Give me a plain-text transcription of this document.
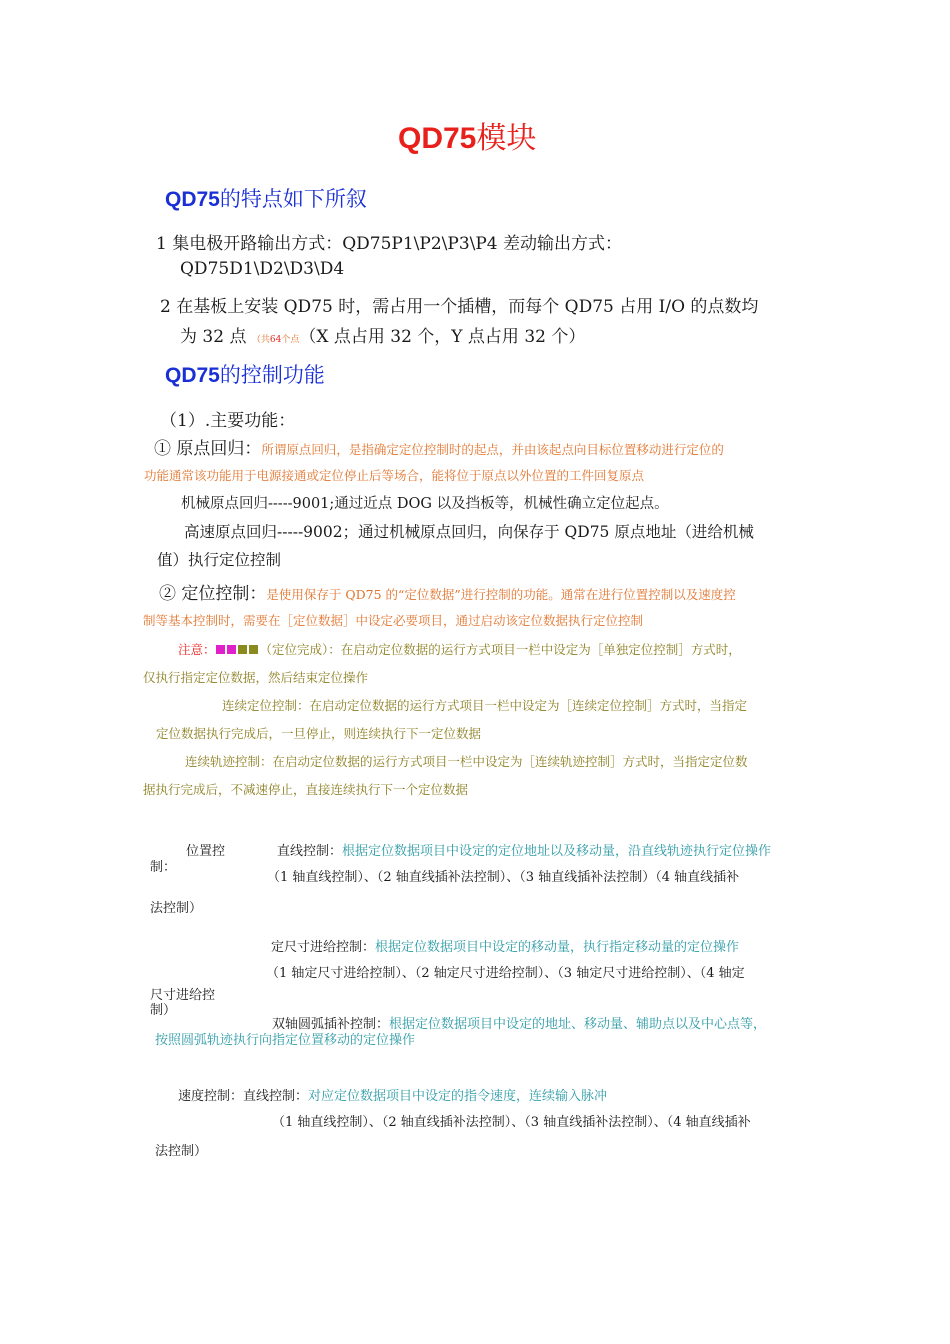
QD75模块
QD75的特点如下所叙
1 集电极开路输出方式：QD75P1\P2\P3\P4 差动输出方式：
QD75D1\D2\D3\D4
2 在基板上安装 QD75 时，需占用一个插槽，而每个 QD75 占用 I/O 的点数均
为 32 点 （共64个点（X 点占用 32 个，Y 点占用 32 个）
QD75的控制功能
（1）.主要功能：
① 原点回归：所谓原点回归，是指确定定位控制时的起点，并由该起点向目标位置移动进行定位的
功能通常该功能用于电源接通或定位停止后等场合，能将位于原点以外位置的工件回复原点
机械原点回归-----9001;通过近点 DOG 以及挡板等，机械性确立定位起点。
高速原点回归-----9002；通过机械原点回归，向保存于 QD75 原点地址（进给机械
值）执行定位控制
② 定位控制：是使用保存于 QD75 的“定位数据”进行控制的功能。通常在进行位置控制以及速度控
制等基本控制时，需要在［定位数据］中设定必要项目，通过启动该定位数据执行定位控制
注意：	（定位完成）：在启动定位数据的运行方式项目一栏中设定为［单独定位控制］方式时，
仅执行指定定位数据，然后结束定位操作
连续定位控制：在启动定位数据的运行方式项目一栏中设定为［连续定位控制］方式时，当指定
定位数据执行完成后，一旦停止，则连续执行下一定位数据
连续轨迹控制：在启动定位数据的运行方式项目一栏中设定为［连续轨迹控制］方式时，当指定定位数
据执行完成后，不减速停止，直接连续执行下一个定位数据
位置控
制：
直线控制：根据定位数据项目中设定的定位地址以及移动量，沿直线轨迹执行定位操作
（1 轴直线控制）、（2 轴直线插补法控制）、（3 轴直线插补法控制）（4 轴直线插补
法控制）
定尺寸进给控制：根据定位数据项目中设定的移动量，执行指定移动量的定位操作
（1 轴定尺寸进给控制）、（2 轴定尺寸进给控制）、（3 轴定尺寸进给控制）、（4 轴定
尺寸进给控
制）
双轴圆弧插补控制：根据定位数据项目中设定的地址、移动量、辅助点以及中心点等，
按照圆弧轨迹执行向指定位置移动的定位操作
速度控制：直线控制：对应定位数据项目中设定的指令速度，连续输入脉冲
（1 轴直线控制）、（2 轴直线插补法控制）、（3 轴直线插补法控制）、（4 轴直线插补
法控制）
